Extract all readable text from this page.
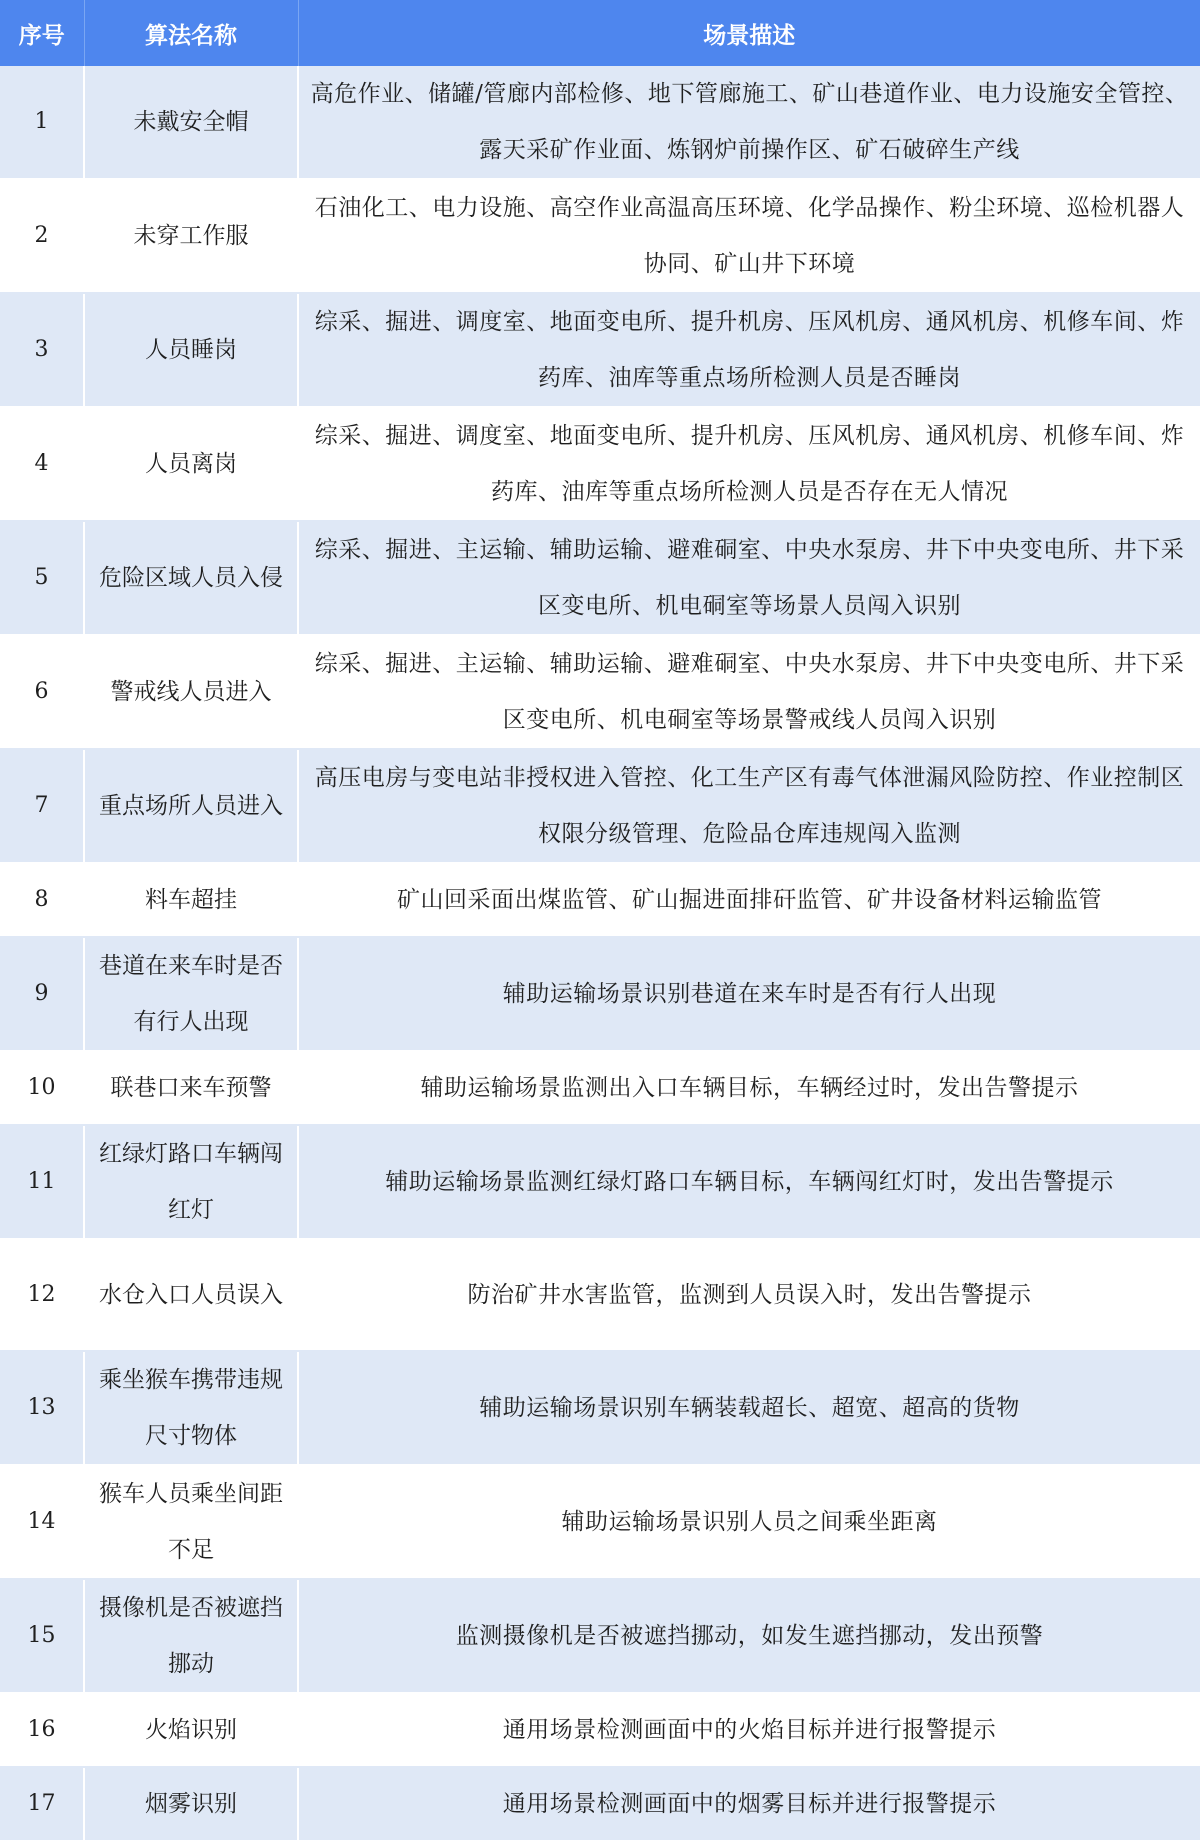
序号	算法名称	场景描述
1	未戴安全帽	高危作业、储罐/管廊内部检修、地下管廊施工、矿山巷道作业、电力设施安全管控、露天采矿作业面、炼钢炉前操作区、矿石破碎生产线
2	未穿工作服	石油化工、电力设施、高空作业高温高压环境、化学品操作、粉尘环境、巡检机器人协同、矿山井下环境
3	人员睡岗	综采、掘进、调度室、地面变电所、提升机房、压风机房、通风机房、机修车间、炸药库、油库等重点场所检测人员是否睡岗
4	人员离岗	综采、掘进、调度室、地面变电所、提升机房、压风机房、通风机房、机修车间、炸药库、油库等重点场所检测人员是否存在无人情况
5	危险区域人员入侵	综采、掘进、主运输、辅助运输、避难硐室、中央水泵房、井下中央变电所、井下采区变电所、机电硐室等场景人员闯入识别
6	警戒线人员进入	综采、掘进、主运输、辅助运输、避难硐室、中央水泵房、井下中央变电所、井下采区变电所、机电硐室等场景警戒线人员闯入识别
7	重点场所人员进入	高压电房与变电站非授权进入管控、化工生产区有毒气体泄漏风险防控、作业控制区权限分级管理、危险品仓库违规闯入监测
8	料车超挂	矿山回采面出煤监管、矿山掘进面排矸监管、矿井设备材料运输监管
9	巷道在来车时是否有行人出现	辅助运输场景识别巷道在来车时是否有行人出现
10	联巷口来车预警	辅助运输场景监测出入口车辆目标，车辆经过时，发出告警提示
11	红绿灯路口车辆闯红灯	辅助运输场景监测红绿灯路口车辆目标，车辆闯红灯时，发出告警提示
12	水仓入口人员误入	防治矿井水害监管，监测到人员误入时，发出告警提示
13	乘坐猴车携带违规尺寸物体	辅助运输场景识别车辆装载超长、超宽、超高的货物
14	猴车人员乘坐间距不足	辅助运输场景识别人员之间乘坐距离
15	摄像机是否被遮挡挪动	监测摄像机是否被遮挡挪动，如发生遮挡挪动，发出预警
16	火焰识别	通用场景检测画面中的火焰目标并进行报警提示
17	烟雾识别	通用场景检测画面中的烟雾目标并进行报警提示
